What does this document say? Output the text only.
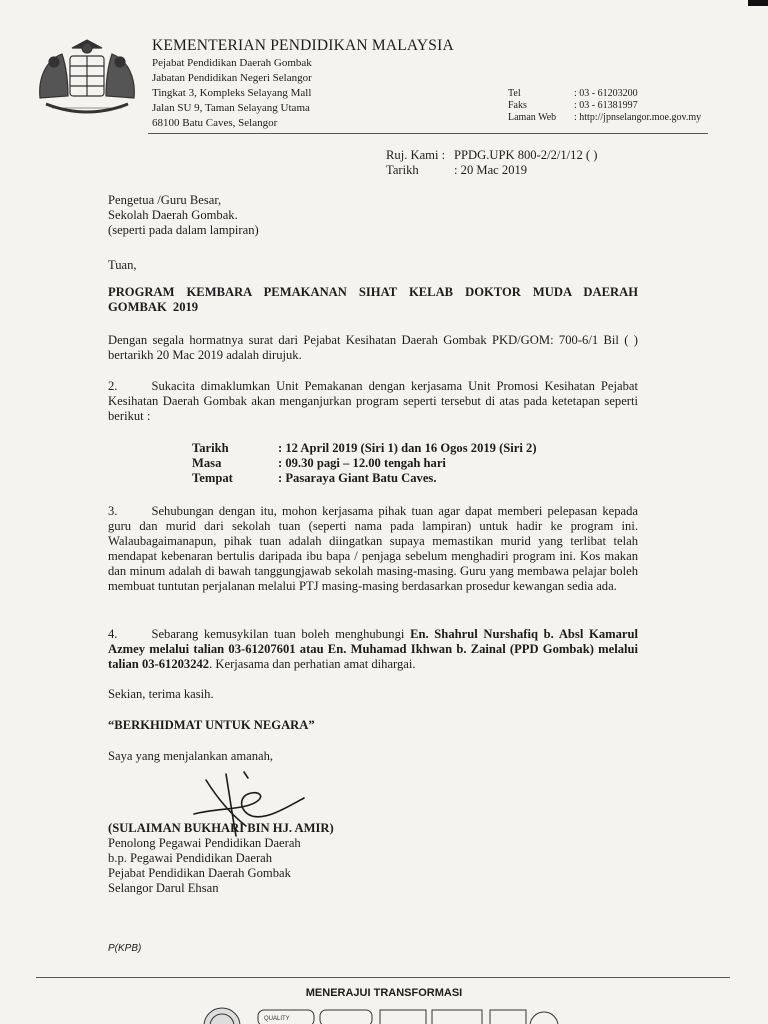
KEMENTERIAN PENDIDIKAN MALAYSIA
Pejabat Pendidikan Daerah Gombak
Jabatan Pendidikan Negeri Selangor
Tingkat 3, Kompleks Selayang Mall
Jalan SU 9, Taman Selayang Utama
68100 Batu Caves, Selangor
Tel	: 03 - 61203200
Faks	: 03 - 61381997
Laman Web	: http://jpnselangor.moe.gov.my
Ruj. Kami : PPDG.UPK 800-2/2/1/12 ( )
Tarikh	: 20 Mac 2019
Pengetua /Guru Besar,
Sekolah Daerah Gombak.
(seperti pada dalam lampiran)
Tuan,
PROGRAM KEMBARA PEMAKANAN SIHAT KELAB DOKTOR MUDA DAERAH GOMBAK 2019
Dengan segala hormatnya surat dari Pejabat Kesihatan Daerah Gombak PKD/GOM: 700-6/1 Bil ( ) bertarikh 20 Mac 2019 adalah dirujuk.
2.	Sukacita dimaklumkan Unit Pemakanan dengan kerjasama Unit Promosi Kesihatan Pejabat Kesihatan Daerah Gombak akan menganjurkan program seperti tersebut di atas pada ketetapan seperti berikut :
Tarikh	: 12 April 2019 (Siri 1) dan 16 Ogos 2019 (Siri 2)
Masa	: 09.30 pagi – 12.00 tengah hari
Tempat	: Pasaraya Giant Batu Caves.
3.	Sehubungan dengan itu, mohon kerjasama pihak tuan agar dapat memberi pelepasan kepada guru dan murid dari sekolah tuan (seperti nama pada lampiran) untuk hadir ke program ini. Walaubagaimanapun, pihak tuan adalah diingatkan supaya memastikan murid yang terlibat telah mendapat kebenaran bertulis daripada ibu bapa / penjaga sebelum menghadiri program ini. Kos makan dan minum adalah di bawah tanggungjawab sekolah masing-masing. Guru yang membawa pelajar boleh membuat tuntutan perjalanan melalui PTJ masing-masing berdasarkan prosedur kewangan sedia ada.
4.	Sebarang kemusykilan tuan boleh menghubungi En. Shahrul Nurshafiq b. Absl Kamarul Azmey melalui talian 03-61207601 atau En. Muhamad Ikhwan b. Zainal (PPD Gombak) melalui talian 03-61203242. Kerjasama dan perhatian amat dihargai.
Sekian, terima kasih.
“BERKHIDMAT UNTUK NEGARA”
Saya yang menjalankan amanah,
(SULAIMAN BUKHARI BIN HJ. AMIR)
Penolong Pegawai Pendidikan Daerah
b.p. Pegawai Pendidikan Daerah
Pejabat Pendidikan Daerah Gombak
Selangor Darul Ehsan
P(KPB)
MENERAJUI TRANSFORMASI
QUALITY
